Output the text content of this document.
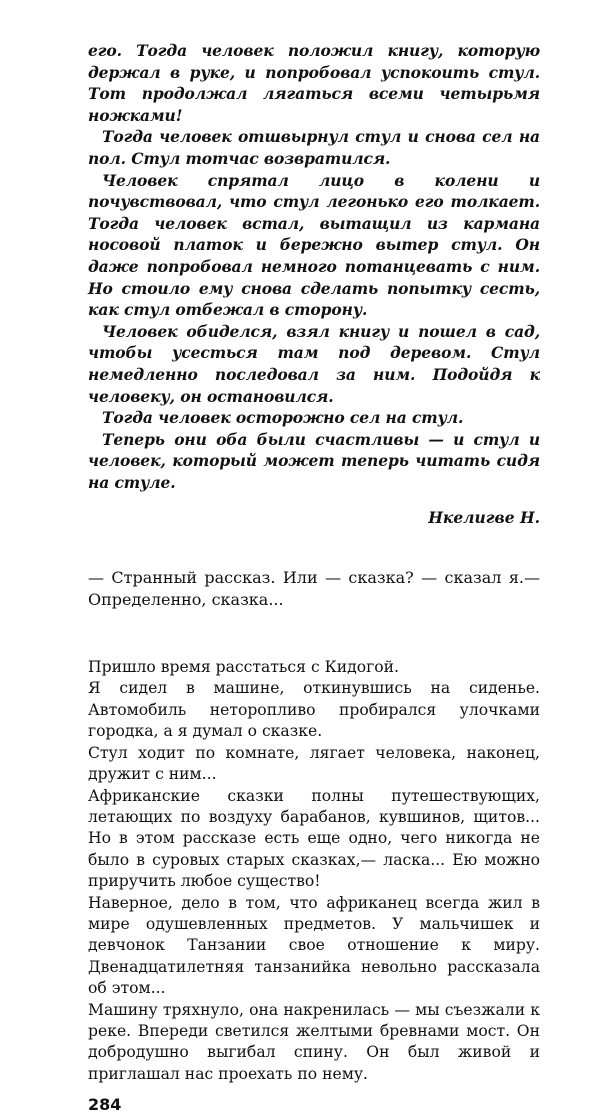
его. Тогда человек положил книгу, которую держал в руке, и попробовал успокоить стул. Тот продолжал лягаться всеми четырьмя ножками!

Тогда человек отшвырнул стул и снова сел на пол. Стул тотчас возвратился.

Человек спрятал лицо в колени и почувствовал, что стул легонько его толкает. Тогда человек встал, вытащил из кармана носовой платок и бережно вытер стул. Он даже попробовал немного потанцевать с ним. Но стоило ему снова сделать попытку сесть, как стул отбежал в сторону.

Человек обиделся, взял книгу и пошел в сад, чтобы усесться там под деревом. Стул немедленно последовал за ним. Подойдя к человеку, он остановился.

Тогда человек осторожно сел на стул.

Теперь они оба были счастливы — и стул и человек, который может теперь читать сидя на стуле.

Нкелигве Н.

— Странный рассказ. Или — сказка? — сказал я.— Определенно, сказка...

Пришло время расстаться с Кидогой.

Я сидел в машине, откинувшись на сиденье. Автомобиль неторопливо пробирался улочками городка, а я думал о сказке.

Стул ходит по комнате, лягает человека, наконец, дружит с ним...

Африканские сказки полны путешествующих, летающих по воздуху барабанов, кувшинов, щитов... Но в этом рассказе есть еще одно, чего никогда не было в суровых старых сказках,— ласка... Ею можно приручить любое существо!

Наверное, дело в том, что африканец всегда жил в мире одушевленных предметов. У мальчишек и девчонок Танзании свое отношение к миру. Двенадцатилетняя танзанийка невольно рассказала об этом...

Машину тряхнуло, она накренилась — мы съезжали к реке. Впереди светился желтыми бревнами мост. Он добродушно выгибал спину. Он был живой и приглашал нас проехать по нему.

284
